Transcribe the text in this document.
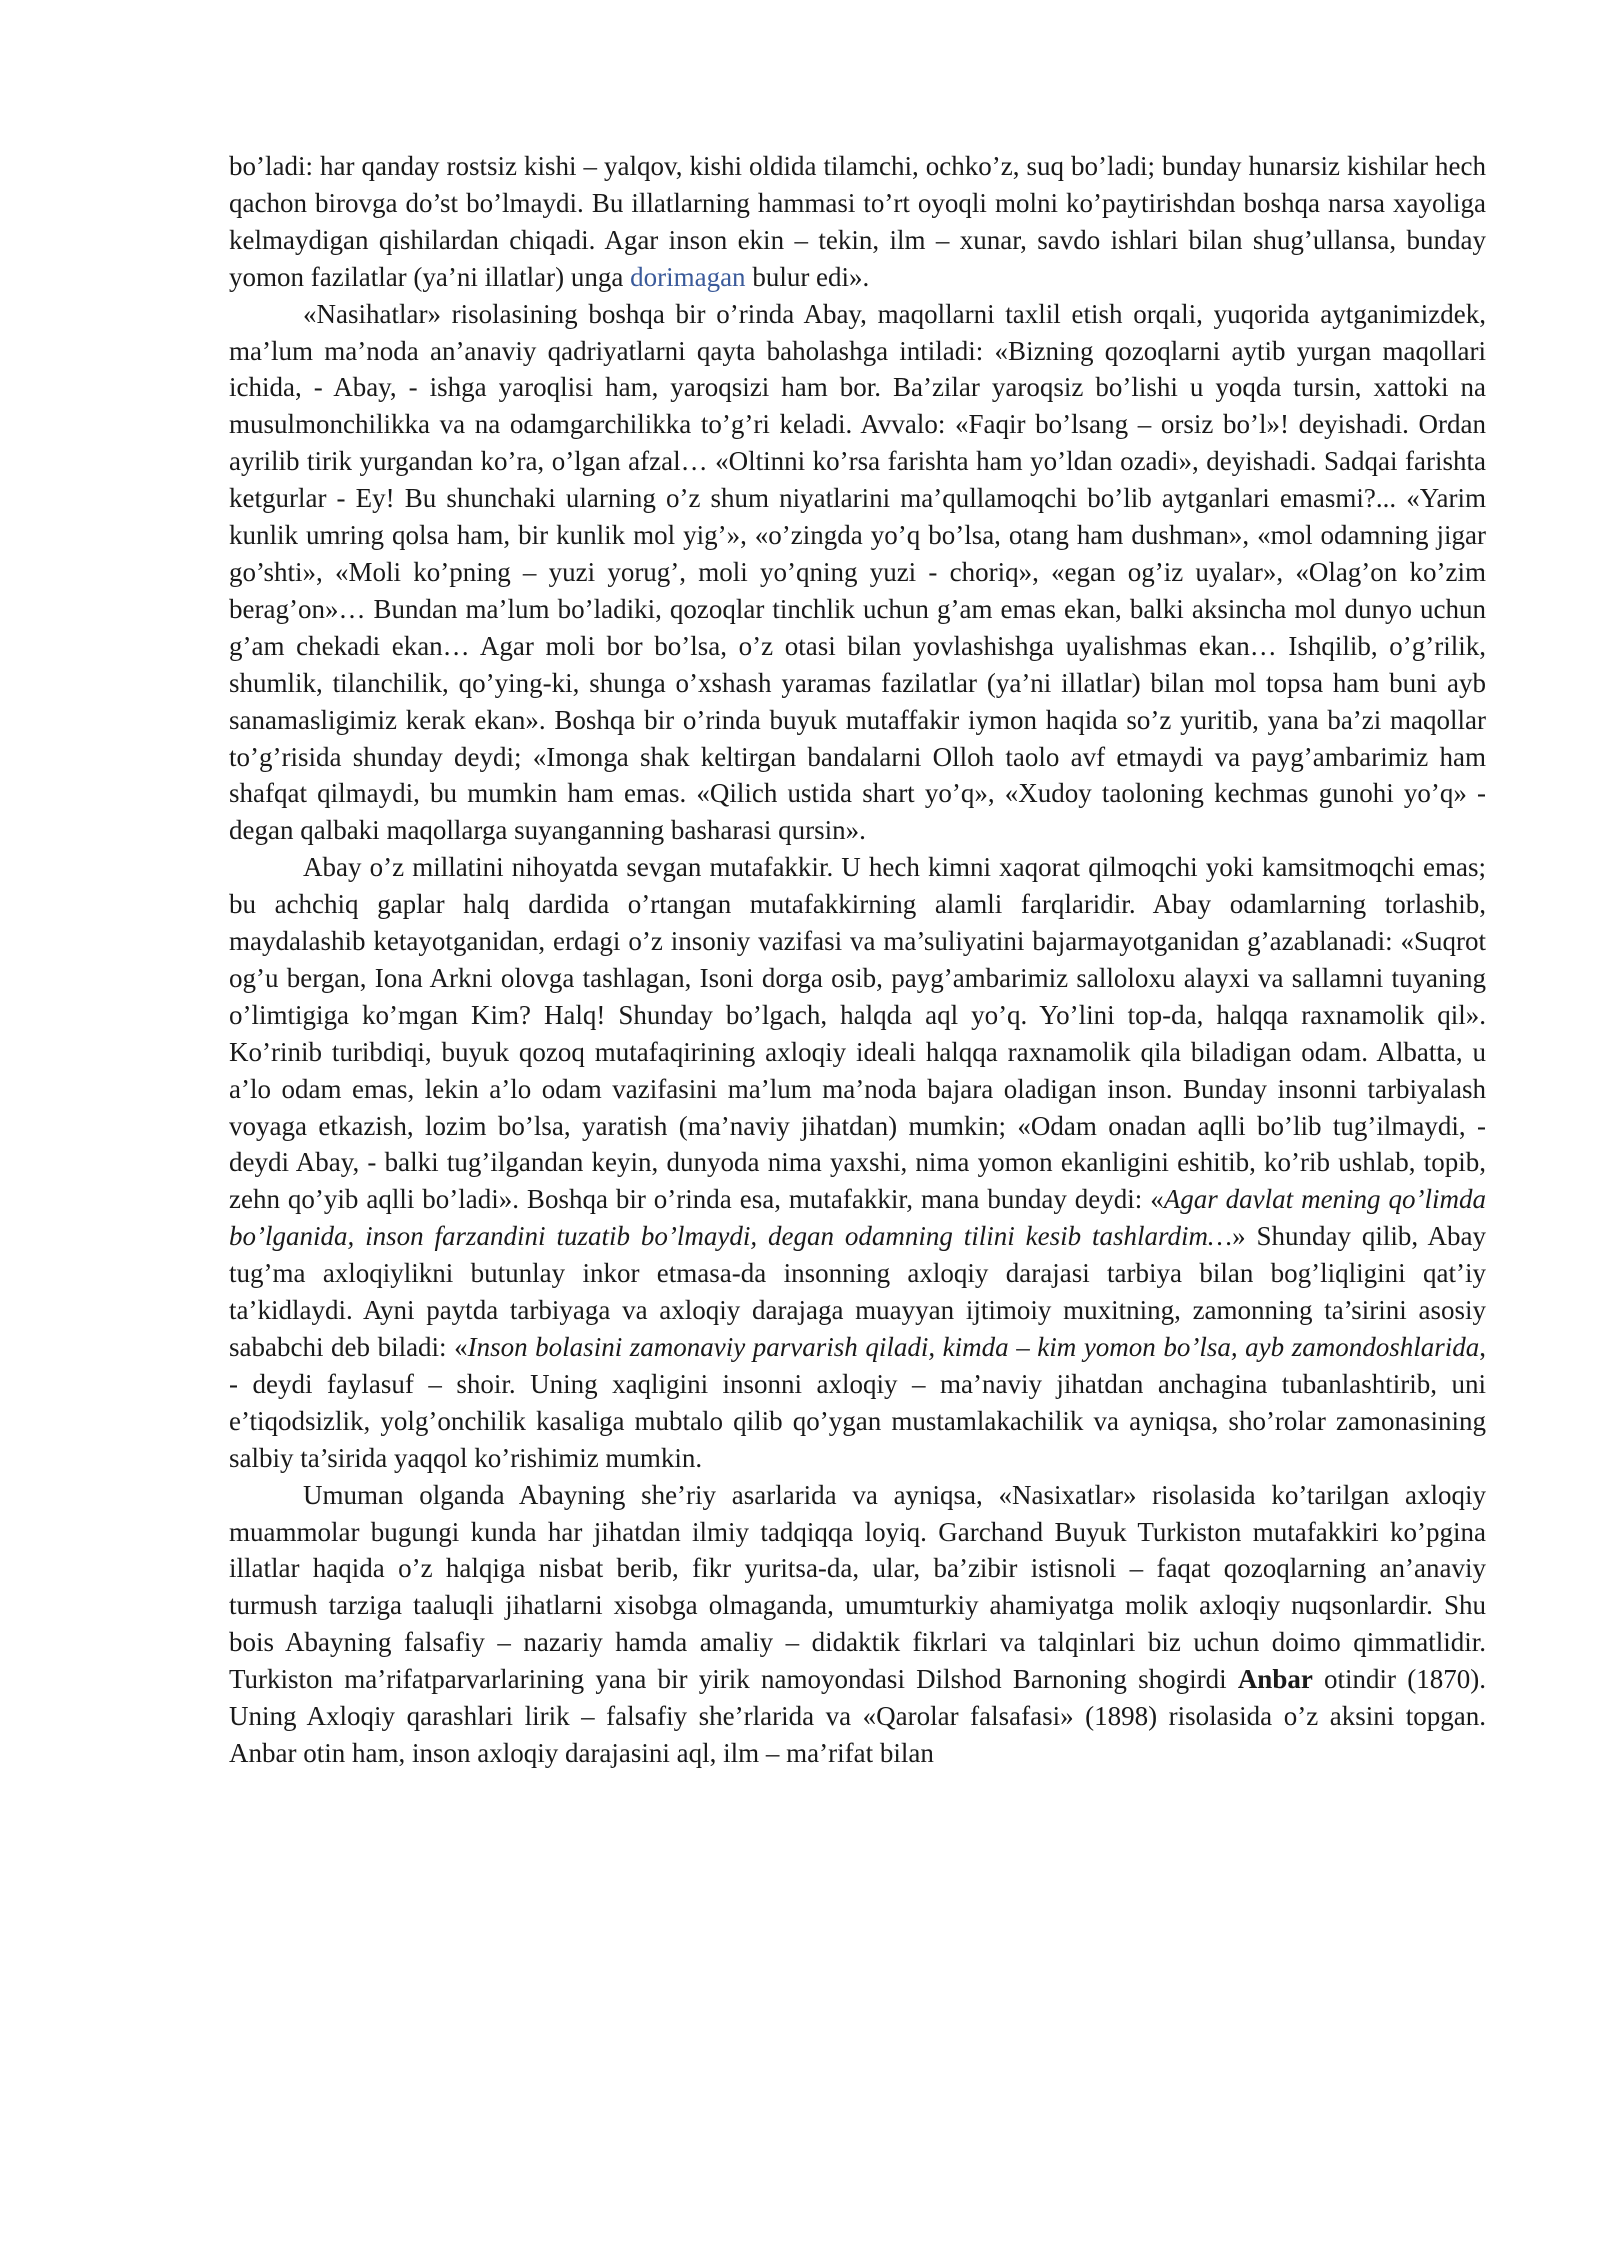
bo’ladi: har qanday rostsiz kishi – yalqov, kishi oldida tilamchi, ochko’z, suq bo’ladi; bunday hunarsiz kishilar hech qachon birovga do’st bo’lmaydi. Bu illatlarning hammasi to’rt oyoqli molni ko’paytirishdan boshqa narsa xayoliga kelmaydigan qishilardan chiqadi. Agar inson ekin – tekin, ilm – xunar, savdo ishlari bilan shug’ullansa, bunday yomon fazilatlar (ya’ni illatlar) unga dorimagan bulur edi».

«Nasihatlar» risolasining boshqa bir o’rinda Abay, maqollarni taxlil etish orqali, yuqorida aytganimizdek, ma’lum ma’noda an’anaviy qadriyatlarni qayta baholashga intiladi: «Bizning qozoqlarni aytib yurgan maqollari ichida, - Abay, - ishga yaroqlisi ham, yaroqsizi ham bor. Ba’zilar yaroqsiz bo’lishi u yoqda tursin, xattoki na musulmonchilikka va na odamgarchilikka to’g’ri keladi. Avvalo: «Faqir bo’lsang – orsiz bo’l»! deyishadi. Ordan ayrilib tirik yurgandan ko’ra, o’lgan afzal… «Oltinni ko’rsa farishta ham yo’ldan ozadi», deyishadi. Sadqai farishta ketgurlar - Ey! Bu shunchaki ularning o’z shum niyatlarini ma’qullamoqchi bo’lib aytganlari emasmi?... «Yarim kunlik umring qolsa ham, bir kunlik mol yig’», «o’zingda yo’q bo’lsa, otang ham dushman», «mol odamning jigar go’shti», «Moli ko’pning – yuzi yorug’, moli yo’qning yuzi - choriq», «egan og’iz uyalar», «Olag’on ko’zim berag’on»… Bundan ma’lum bo’ladiki, qozoqlar tinchlik uchun g’am emas ekan, balki aksincha mol dunyo uchun g’am chekadi ekan… Agar moli bor bo’lsa, o’z otasi bilan yovlashishga uyalishmas ekan… Ishqilib, o’g’rilik, shumlik, tilanchilik, qo’ying-ki, shunga o’xshash yaramas fazilatlar (ya’ni illatlar) bilan mol topsa ham buni ayb sanamasligimiz kerak ekan». Boshqa bir o’rinda buyuk mutaffakir iymon haqida so’z yuritib, yana ba’zi maqollar to’g’risida shunday deydi; «Imonga shak keltirgan bandalarni Olloh taolo avf etmaydi va payg’ambarimiz ham shafqat qilmaydi, bu mumkin ham emas. «Qilich ustida shart yo’q», «Xudoy taoloning kechmas gunohi yo’q» - degan qalbaki maqollarga suyanganning basharasi qursin».

Abay o’z millatini nihoyatda sevgan mutafakkir. U hech kimni xaqorat qilmoqchi yoki kamsitmoqchi emas; bu achchiq gaplar halq dardida o’rtangan mutafakkirning alamli farqlaridir. Abay odamlarning torlashib, maydalashib ketayotganidan, erdagi o’z insoniy vazifasi va ma’suliyatini bajarmayotganidan g’azablanadi: «Suqrot og’u bergan, Iona Arkni olovga tashlagan, Isoni dorga osib, payg’ambarimiz salloloxu alayxi va sallamni tuyaning o’limtigiga ko’mgan Kim? Halq! Shunday bo’lgach, halqda aql yo’q. Yo’lini top-da, halqqa raxnamolik qil». Ko’rinib turibdiqi, buyuk qozoq mutafaqirining axloqiy ideali halqqa raxnamolik qila biladigan odam. Albatta, u a’lo odam emas, lekin a’lo odam vazifasini ma’lum ma’noda bajara oladigan inson. Bunday insonni tarbiyalash voyaga etkazish, lozim bo’lsa, yaratish (ma’naviy jihatdan) mumkin; «Odam onadan aqlli bo’lib tug’ilmaydi, - deydi Abay, - balki tug’ilgandan keyin, dunyoda nima yaxshi, nima yomon ekanligini eshitib, ko’rib ushlab, topib, zehn qo’yib aqlli bo’ladi». Boshqa bir o’rinda esa, mutafakkir, mana bunday deydi: «Agar davlat mening qo’limda bo’lganida, inson farzandini tuzatib bo’lmaydi, degan odamning tilini kesib tashlardim…» Shunday qilib, Abay tug’ma axloqiylikni butunlay inkor etmasa-da insonning axloqiy darajasi tarbiya bilan bog’liqligini qat’iy ta’kidlaydi. Ayni paytda tarbiyaga va axloqiy darajaga muayyan ijtimoiy muxitning, zamonning ta’sirini asosiy sababchi deb biladi: «Inson bolasini zamonaviy parvarish qiladi, kimda – kim yomon bo’lsa, ayb zamondoshlarida, - deydi faylasuf – shoir. Uning xaqligini insonni axloqiy – ma’naviy jihatdan anchagina tubanlashtirib, uni e’tiqodsizlik, yolg’onchilik kasaliga mubtalo qilib qo’ygan mustamlakachilik va ayniqsa, sho’rolar zamonasining salbiy ta’sirida yaqqol ko’rishimiz mumkin.

Umuman olganda Abayning she’riy asarlarida va ayniqsa, «Nasixatlar» risolasida ko’tarilgan axloqiy muammolar bugungi kunda har jihatdan ilmiy tadqiqqa loyiq. Garchand Buyuk Turkiston mutafakkiri ko’pgina illatlar haqida o’z halqiga nisbat berib, fikr yuritsa-da, ular, ba’zibir istisnoli – faqat qozoqlarning an’anaviy turmush tarziga taaluqli jihatlarni xisobga olmaganda, umumturkiy ahamiyatga molik axloqiy nuqsonlardir. Shu bois Abayning falsafiy – nazariy hamda amaliy – didaktik fikrlari va talqinlari biz uchun doimo qimmatlidir. Turkiston ma’rifatparvarlarining yana bir yirik namoyondasi Dilshod Barnoning shogirdi Anbar otindir (1870). Uning Axloqiy qarashlari lirik – falsafiy she’rlarida va «Qarolar falsafasi» (1898) risolasida o’z aksini topgan. Anbar otin ham, inson axloqiy darajasini aql, ilm – ma’rifat bilan
